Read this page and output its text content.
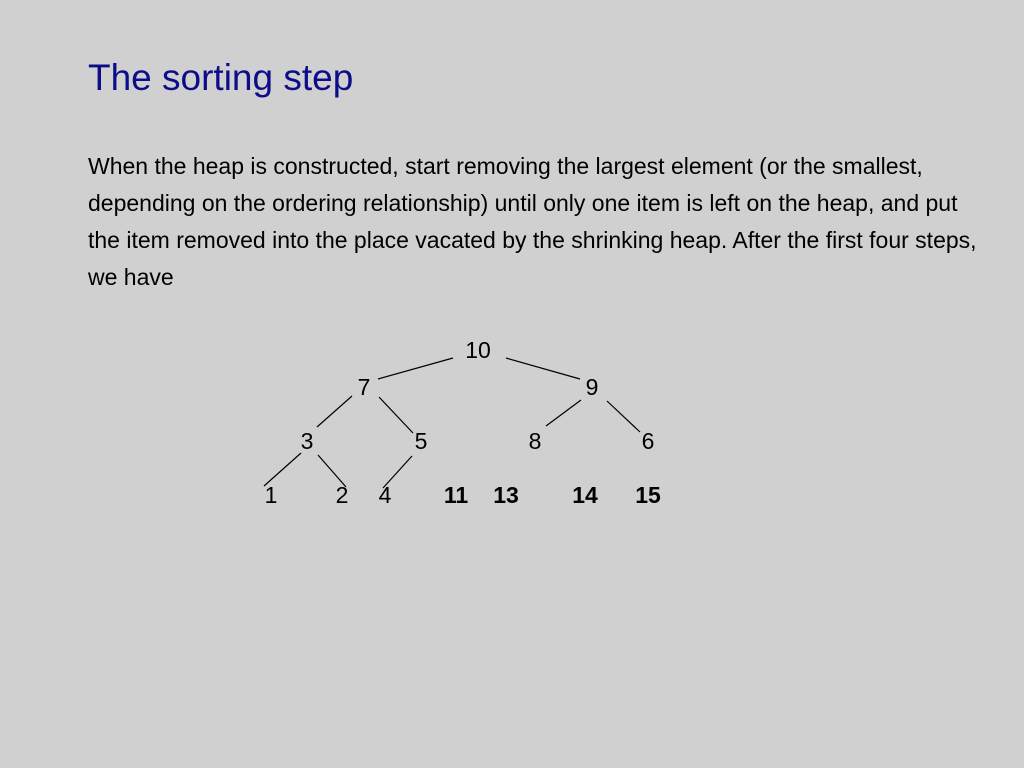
The sorting step

When the heap is constructed, start removing the largest element (or the smallest, depending on the ordering relationship) until only one item is left on the heap, and put the item removed into the place vacated by the shrinking heap. After the first four steps, we have

10
7	9
3	5	8	6
1	2 4 11 13 14 15
